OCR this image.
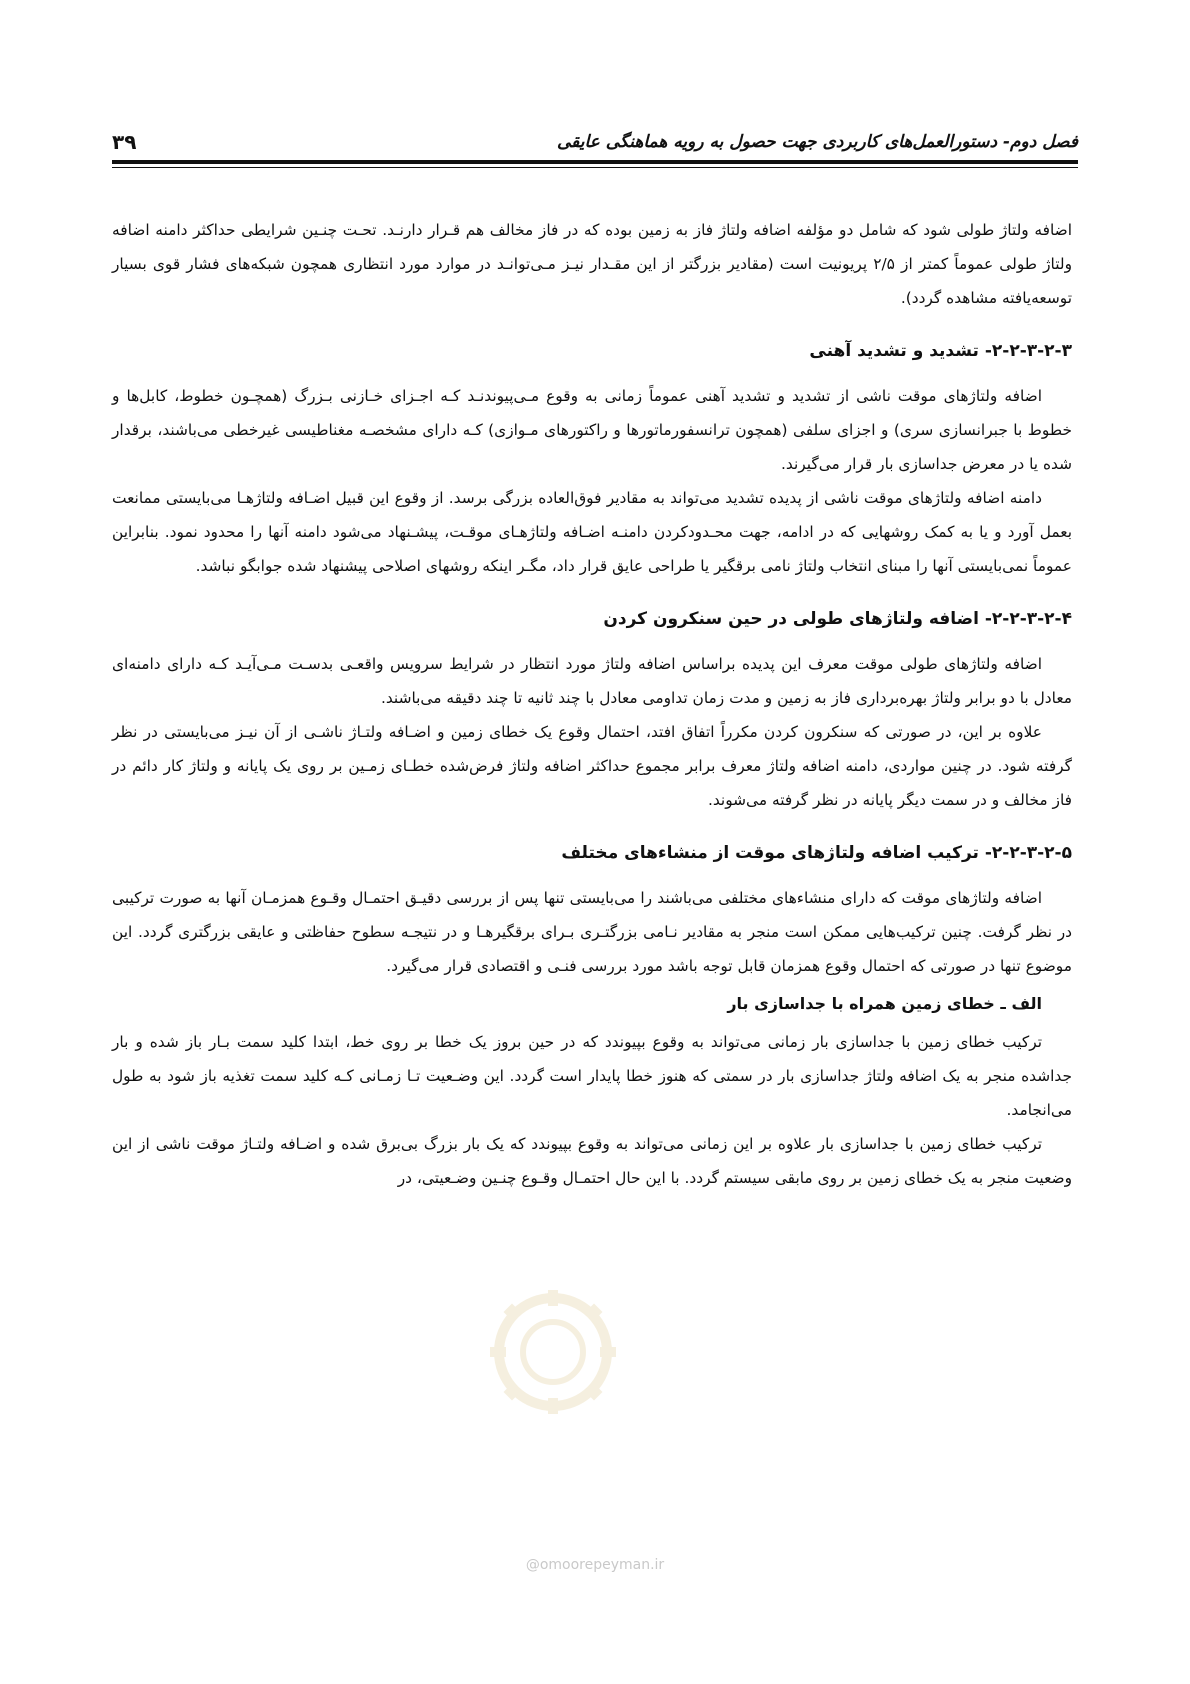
فصل دوم- دستورالعمل‌های کاربردی جهت حصول به رویه هماهنگی عایقی
۳۹

اضافه ولتاژ طولی شود که شامل دو مؤلفه اضافه ولتاژ فاز به زمین بوده که در فاز مخالف هم قـرار دارنـد. تحـت چنـین شرایطی حداکثر دامنه اضافه ولتاژ طولی عموماً کمتر از ۲/۵ پریونیت است (مقادیر بزرگتر از این مقـدار نیـز مـی‌توانـد در موارد مورد انتظاری همچون شبکه‌های فشار قوی بسیار توسعه‌یافته مشاهده گردد).

۲-۲-۳-۲-۳- تشدید و تشدید آهنی

اضافه ولتاژهای موقت ناشی از تشدید و تشدید آهنی عموماً زمانی به وقوع مـی‌پیوندنـد کـه اجـزای خـازنی بـزرگ (همچـون خطوط، کابل‌ها و خطوط با جبرانسازی سری) و اجزای سلفی (همچون ترانسفورماتورها و راکتورهای مـوازی) کـه دارای مشخصـه مغناطیسی غیرخطی می‌باشند، برقدار شده یا در معرض جداسازی بار قرار می‌گیرند.

دامنه اضافه ولتاژهای موقت ناشی از پدیده تشدید می‌تواند به مقادیر فوق‌العاده بزرگی برسد. از وقوع این قبیل اضـافه ولتاژهـا می‌بایستی ممانعت بعمل آورد و یا به کمک روشهایی که در ادامه، جهت محـدودکردن دامنـه اضـافه ولتاژهـای موقـت، پیشـنهاد می‌شود دامنه آنها را محدود نمود. بنابراین عموماً نمی‌بایستی آنها را مبنای انتخاب ولتاژ نامی برقگیر یا طراحی عایق قرار داد، مگـر اینکه روشهای اصلاحی پیشنهاد شده جوابگو نباشد.

۲-۲-۳-۲-۴- اضافه ولتاژهای طولی در حین سنکرون کردن

اضافه ولتاژهای طولی موقت معرف این پدیده براساس اضافه ولتاژ مورد انتظار در شرایط سرویس واقعـی بدسـت مـی‌آیـد کـه دارای دامنه‌ای معادل با دو برابر ولتاژ بهره‌برداری فاز به زمین و مدت زمان تداومی معادل با چند ثانیه تا چند دقیقه می‌باشند.

علاوه بر این، در صورتی که سنکرون کردن مکرراً اتفاق افتد، احتمال وقوع یک خطای زمین و اضـافه ولتـاژ ناشـی از آن نیـز می‌بایستی در نظر گرفته شود. در چنین مواردی، دامنه اضافه ولتاژ معرف برابر مجموع حداکثر اضافه ولتاژ فرض‌شده خطـای زمـین بر روی یک پایانه و ولتاژ کار دائم در فاز مخالف و در سمت دیگر پایانه در نظر گرفته می‌شوند.

۲-۲-۳-۲-۵- ترکیب اضافه ولتاژهای موقت از منشاء‌های مختلف

اضافه ولتاژهای موقت که دارای منشاء‌های مختلفی می‌باشند را می‌بایستی تنها پس از بررسی دقیـق احتمـال وقـوع همزمـان آنها به صورت ترکیبی در نظر گرفت. چنین ترکیب‌هایی ممکن است منجر به مقادیر نـامی بزرگتـری بـرای برقگیرهـا و در نتیجـه سطوح حفاظتی و عایقی بزرگتری گردد. این موضوع تنها در صورتی که احتمال وقوع همزمان قابل توجه باشد مورد بررسی فنـی و اقتصادی قرار می‌گیرد.

الف ـ خطای زمین همراه با جداسازی بار

ترکیب خطای زمین با جداسازی بار زمانی می‌تواند به وقوع بپیوندد که در حین بروز یک خطا بر روی خط، ابتدا کلید سمت بـار باز شده و بار جداشده منجر به یک اضافه ولتاژ جداسازی بار در سمتی که هنوز خطا پایدار است گردد. این وضـعیت تـا زمـانی کـه کلید سمت تغذیه باز شود به طول می‌انجامد.

ترکیب خطای زمین با جداسازی بار علاوه بر این زمانی می‌تواند به وقوع بپیوندد که یک بار بزرگ بی‌برق شده و اضـافه ولتـاژ موقت ناشی از این وضعیت منجر به یک خطای زمین بر روی مابقی سیستم گردد. با این حال احتمـال وقـوع چنـین وضـعیتی، در

@omoorepeyman.ir
